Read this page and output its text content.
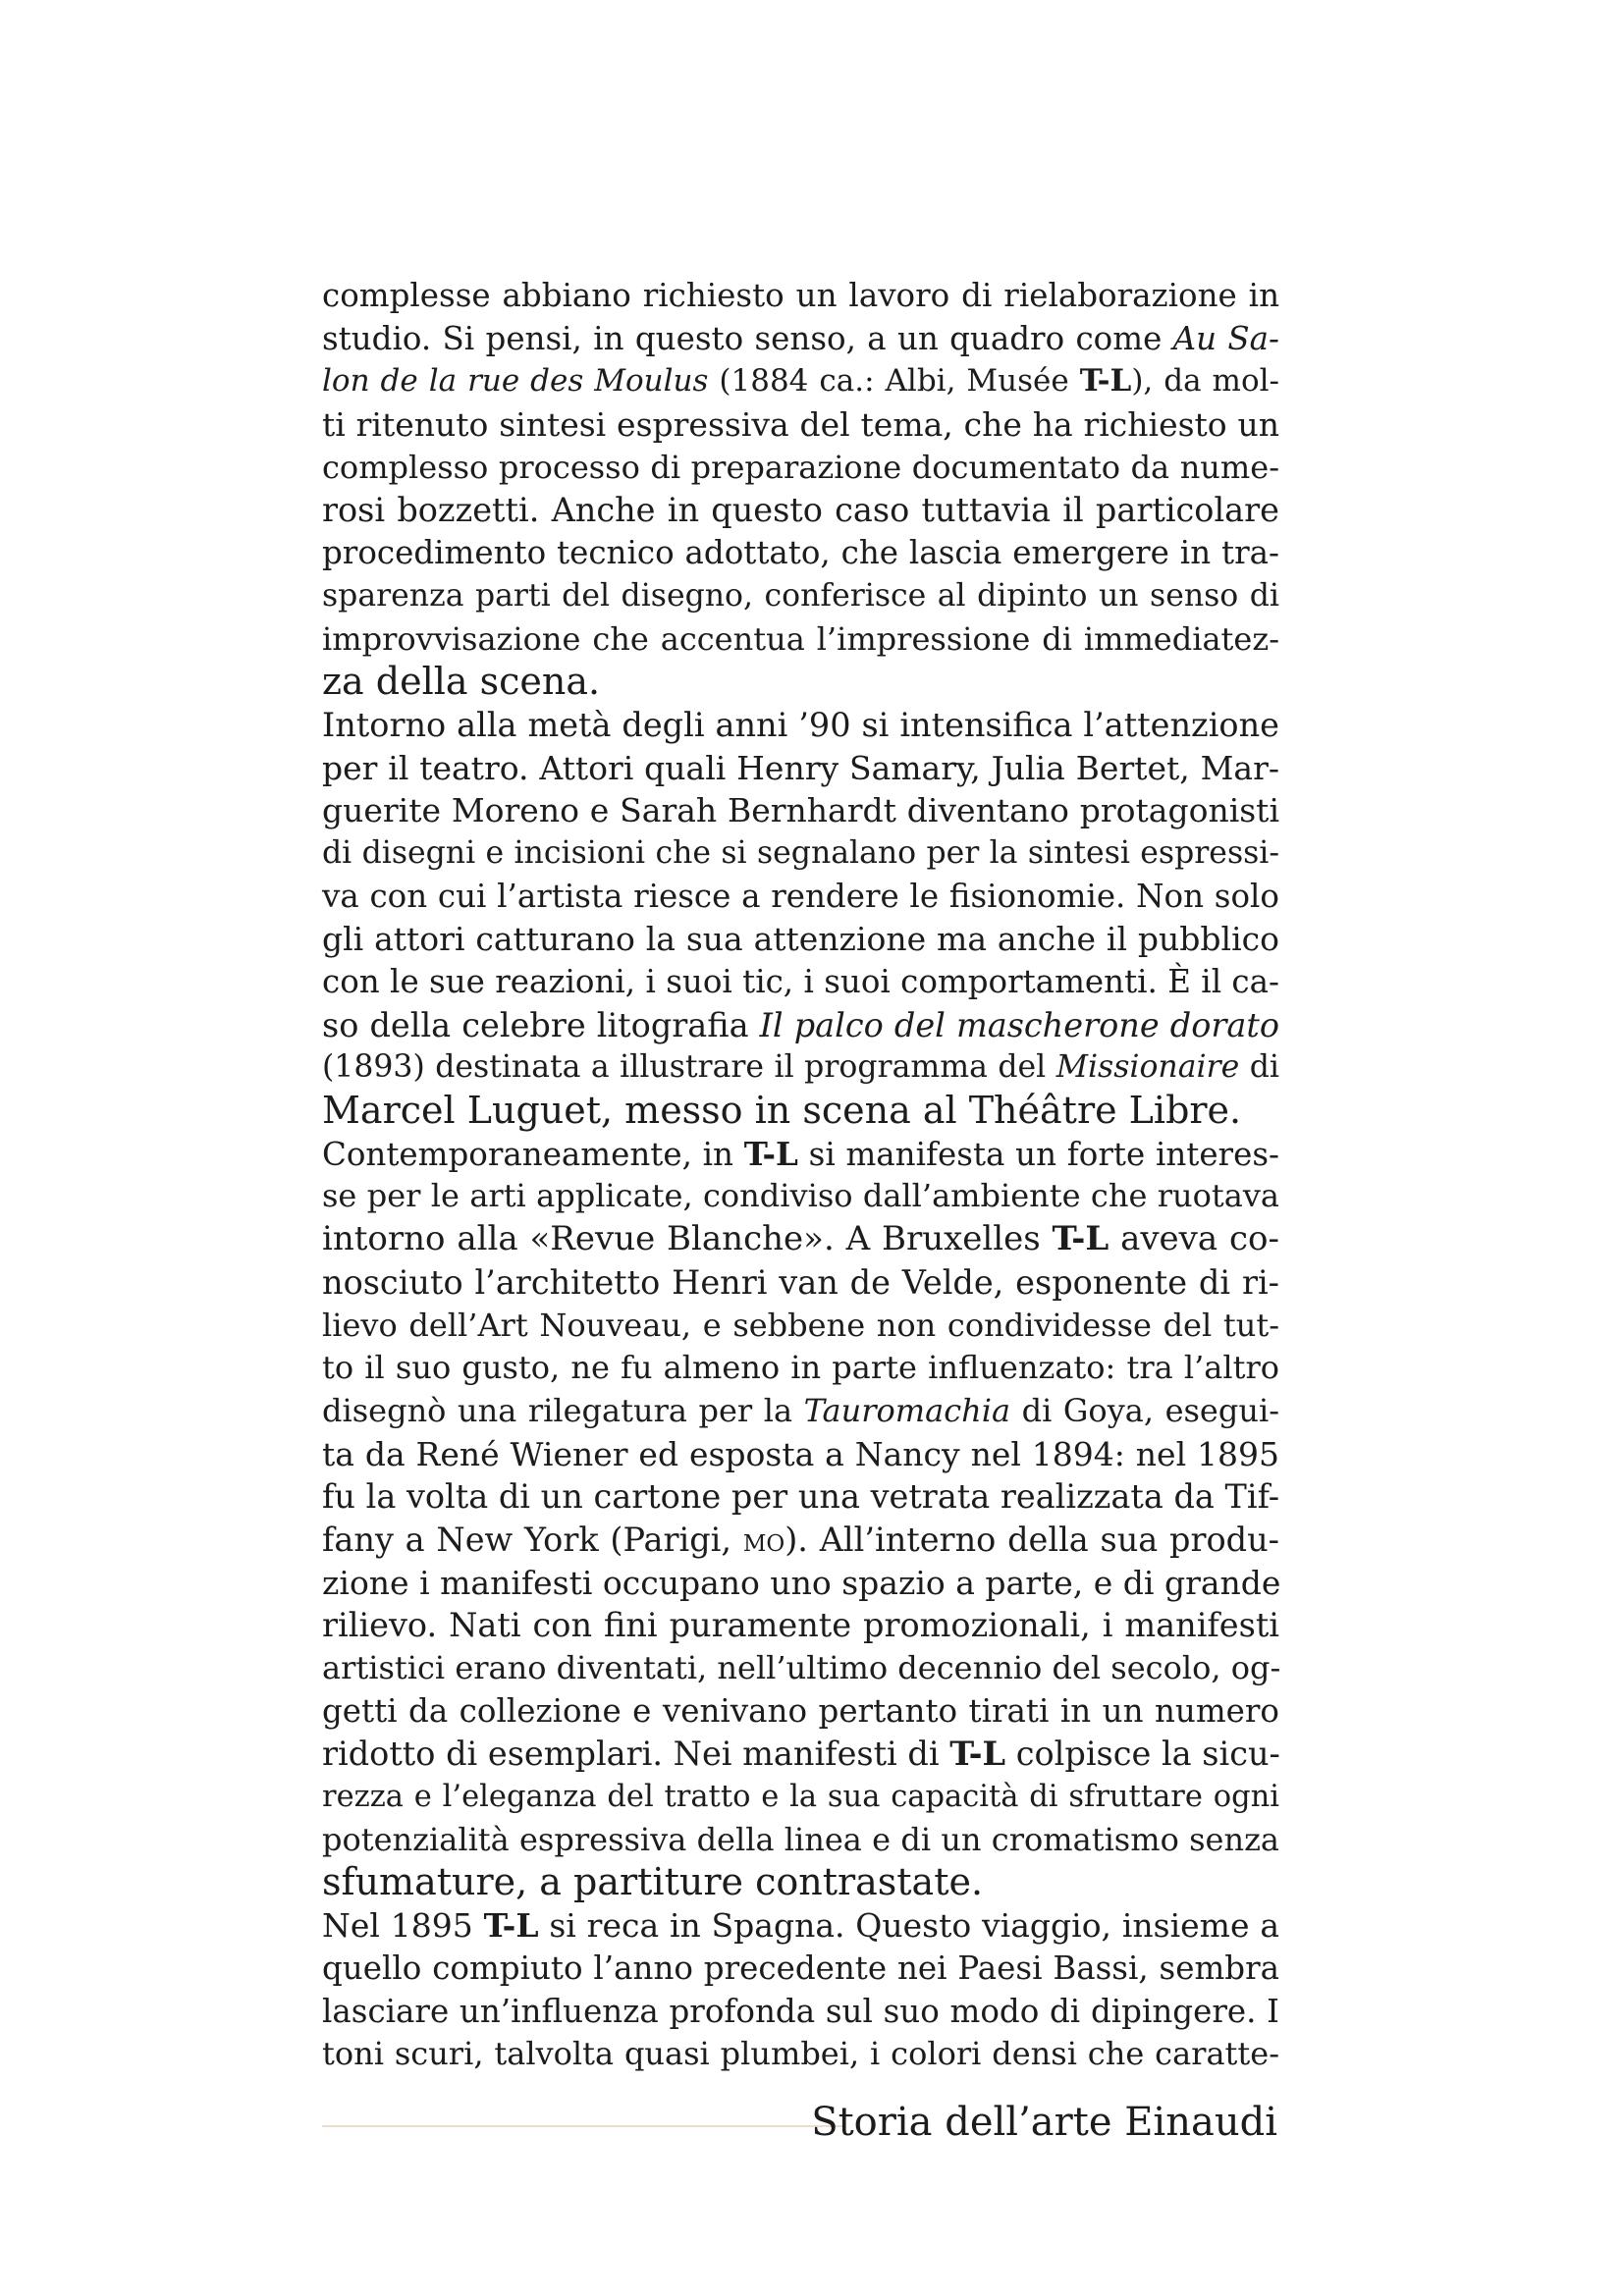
complesse abbiano richiesto un lavoro di rielaborazione in
studio. Si pensi, in questo senso, a un quadro come Au Sa-
lon de la rue des Moulus (1884 ca.: Albi, Musée T-L), da mol-
ti ritenuto sintesi espressiva del tema, che ha richiesto un
complesso processo di preparazione documentato da nume-
rosi bozzetti. Anche in questo caso tuttavia il particolare
procedimento tecnico adottato, che lascia emergere in tra-
sparenza parti del disegno, conferisce al dipinto un senso di
improvvisazione che accentua l’impressione di immediatez-
za della scena.
Intorno alla metà degli anni ’90 si intensifica l’attenzione
per il teatro. Attori quali Henry Samary, Julia Bertet, Mar-
guerite Moreno e Sarah Bernhardt diventano protagonisti
di disegni e incisioni che si segnalano per la sintesi espressi-
va con cui l’artista riesce a rendere le fisionomie. Non solo
gli attori catturano la sua attenzione ma anche il pubblico
con le sue reazioni, i suoi tic, i suoi comportamenti. È il ca-
so della celebre litografia Il palco del mascherone dorato
(1893) destinata a illustrare il programma del Missionaire di
Marcel Luguet, messo in scena al Théâtre Libre.
Contemporaneamente, in T-L si manifesta un forte interes-
se per le arti applicate, condiviso dall’ambiente che ruotava
intorno alla «Revue Blanche». A Bruxelles T-L aveva co-
nosciuto l’architetto Henri van de Velde, esponente di ri-
lievo dell’Art Nouveau, e sebbene non condividesse del tut-
to il suo gusto, ne fu almeno in parte influenzato: tra l’altro
disegnò una rilegatura per la Tauromachia di Goya, esegui-
ta da René Wiener ed esposta a Nancy nel 1894: nel 1895
fu la volta di un cartone per una vetrata realizzata da Tif-
fany a New York (Parigi, mo). All’interno della sua produ-
zione i manifesti occupano uno spazio a parte, e di grande
rilievo. Nati con fini puramente promozionali, i manifesti
artistici erano diventati, nell’ultimo decennio del secolo, og-
getti da collezione e venivano pertanto tirati in un numero
ridotto di esemplari. Nei manifesti di T-L colpisce la sicu-
rezza e l’eleganza del tratto e la sua capacità di sfruttare ogni
potenzialità espressiva della linea e di un cromatismo senza
sfumature, a partiture contrastate.
Nel 1895 T-L si reca in Spagna. Questo viaggio, insieme a
quello compiuto l’anno precedente nei Paesi Bassi, sembra
lasciare un’influenza profonda sul suo modo di dipingere. I
toni scuri, talvolta quasi plumbei, i colori densi che caratte-
Storia dell’arte Einaudi
